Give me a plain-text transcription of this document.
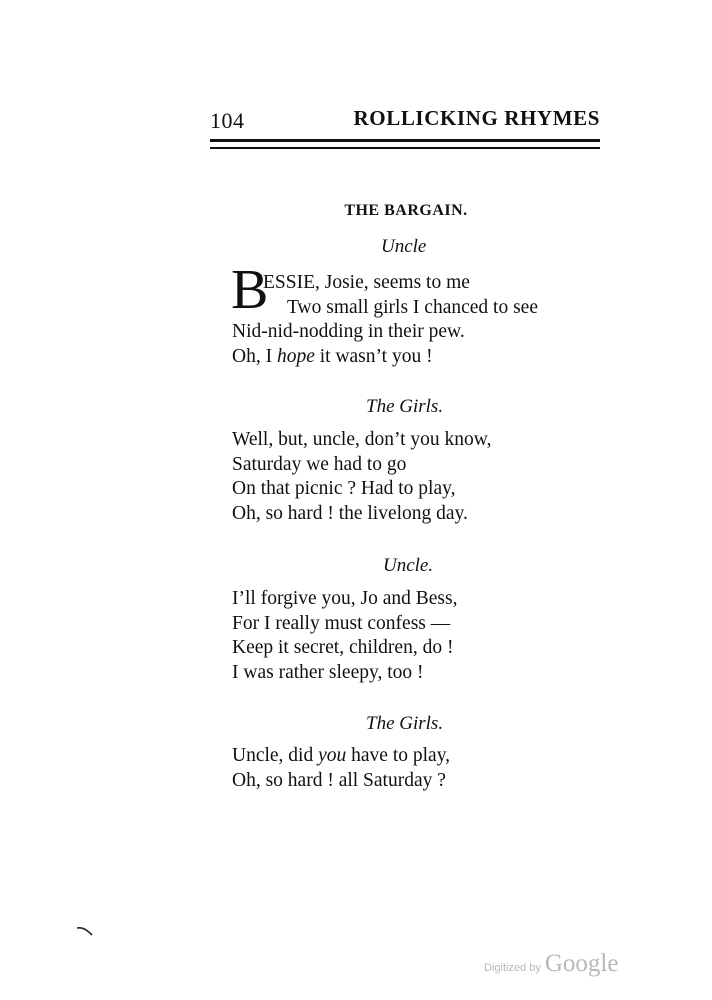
104	ROLLICKING RHYMES
THE BARGAIN.
Uncle
B
ESSIE, Josie, seems to me
Two small girls I chanced to see
Nid-nid-nodding in their pew.
Oh, I hope it wasn’t you !
The Girls.
Well, but, uncle, don’t you know,
Saturday we had to go
On that picnic ? Had to play,
Oh, so hard ! the livelong day.
Uncle.
I’ll forgive you, Jo and Bess,
For I really must confess —
Keep it secret, children, do !
I was rather sleepy, too !
The Girls.
Uncle, did you have to play,
Oh, so hard ! all Saturday ?
Digitized by Google
